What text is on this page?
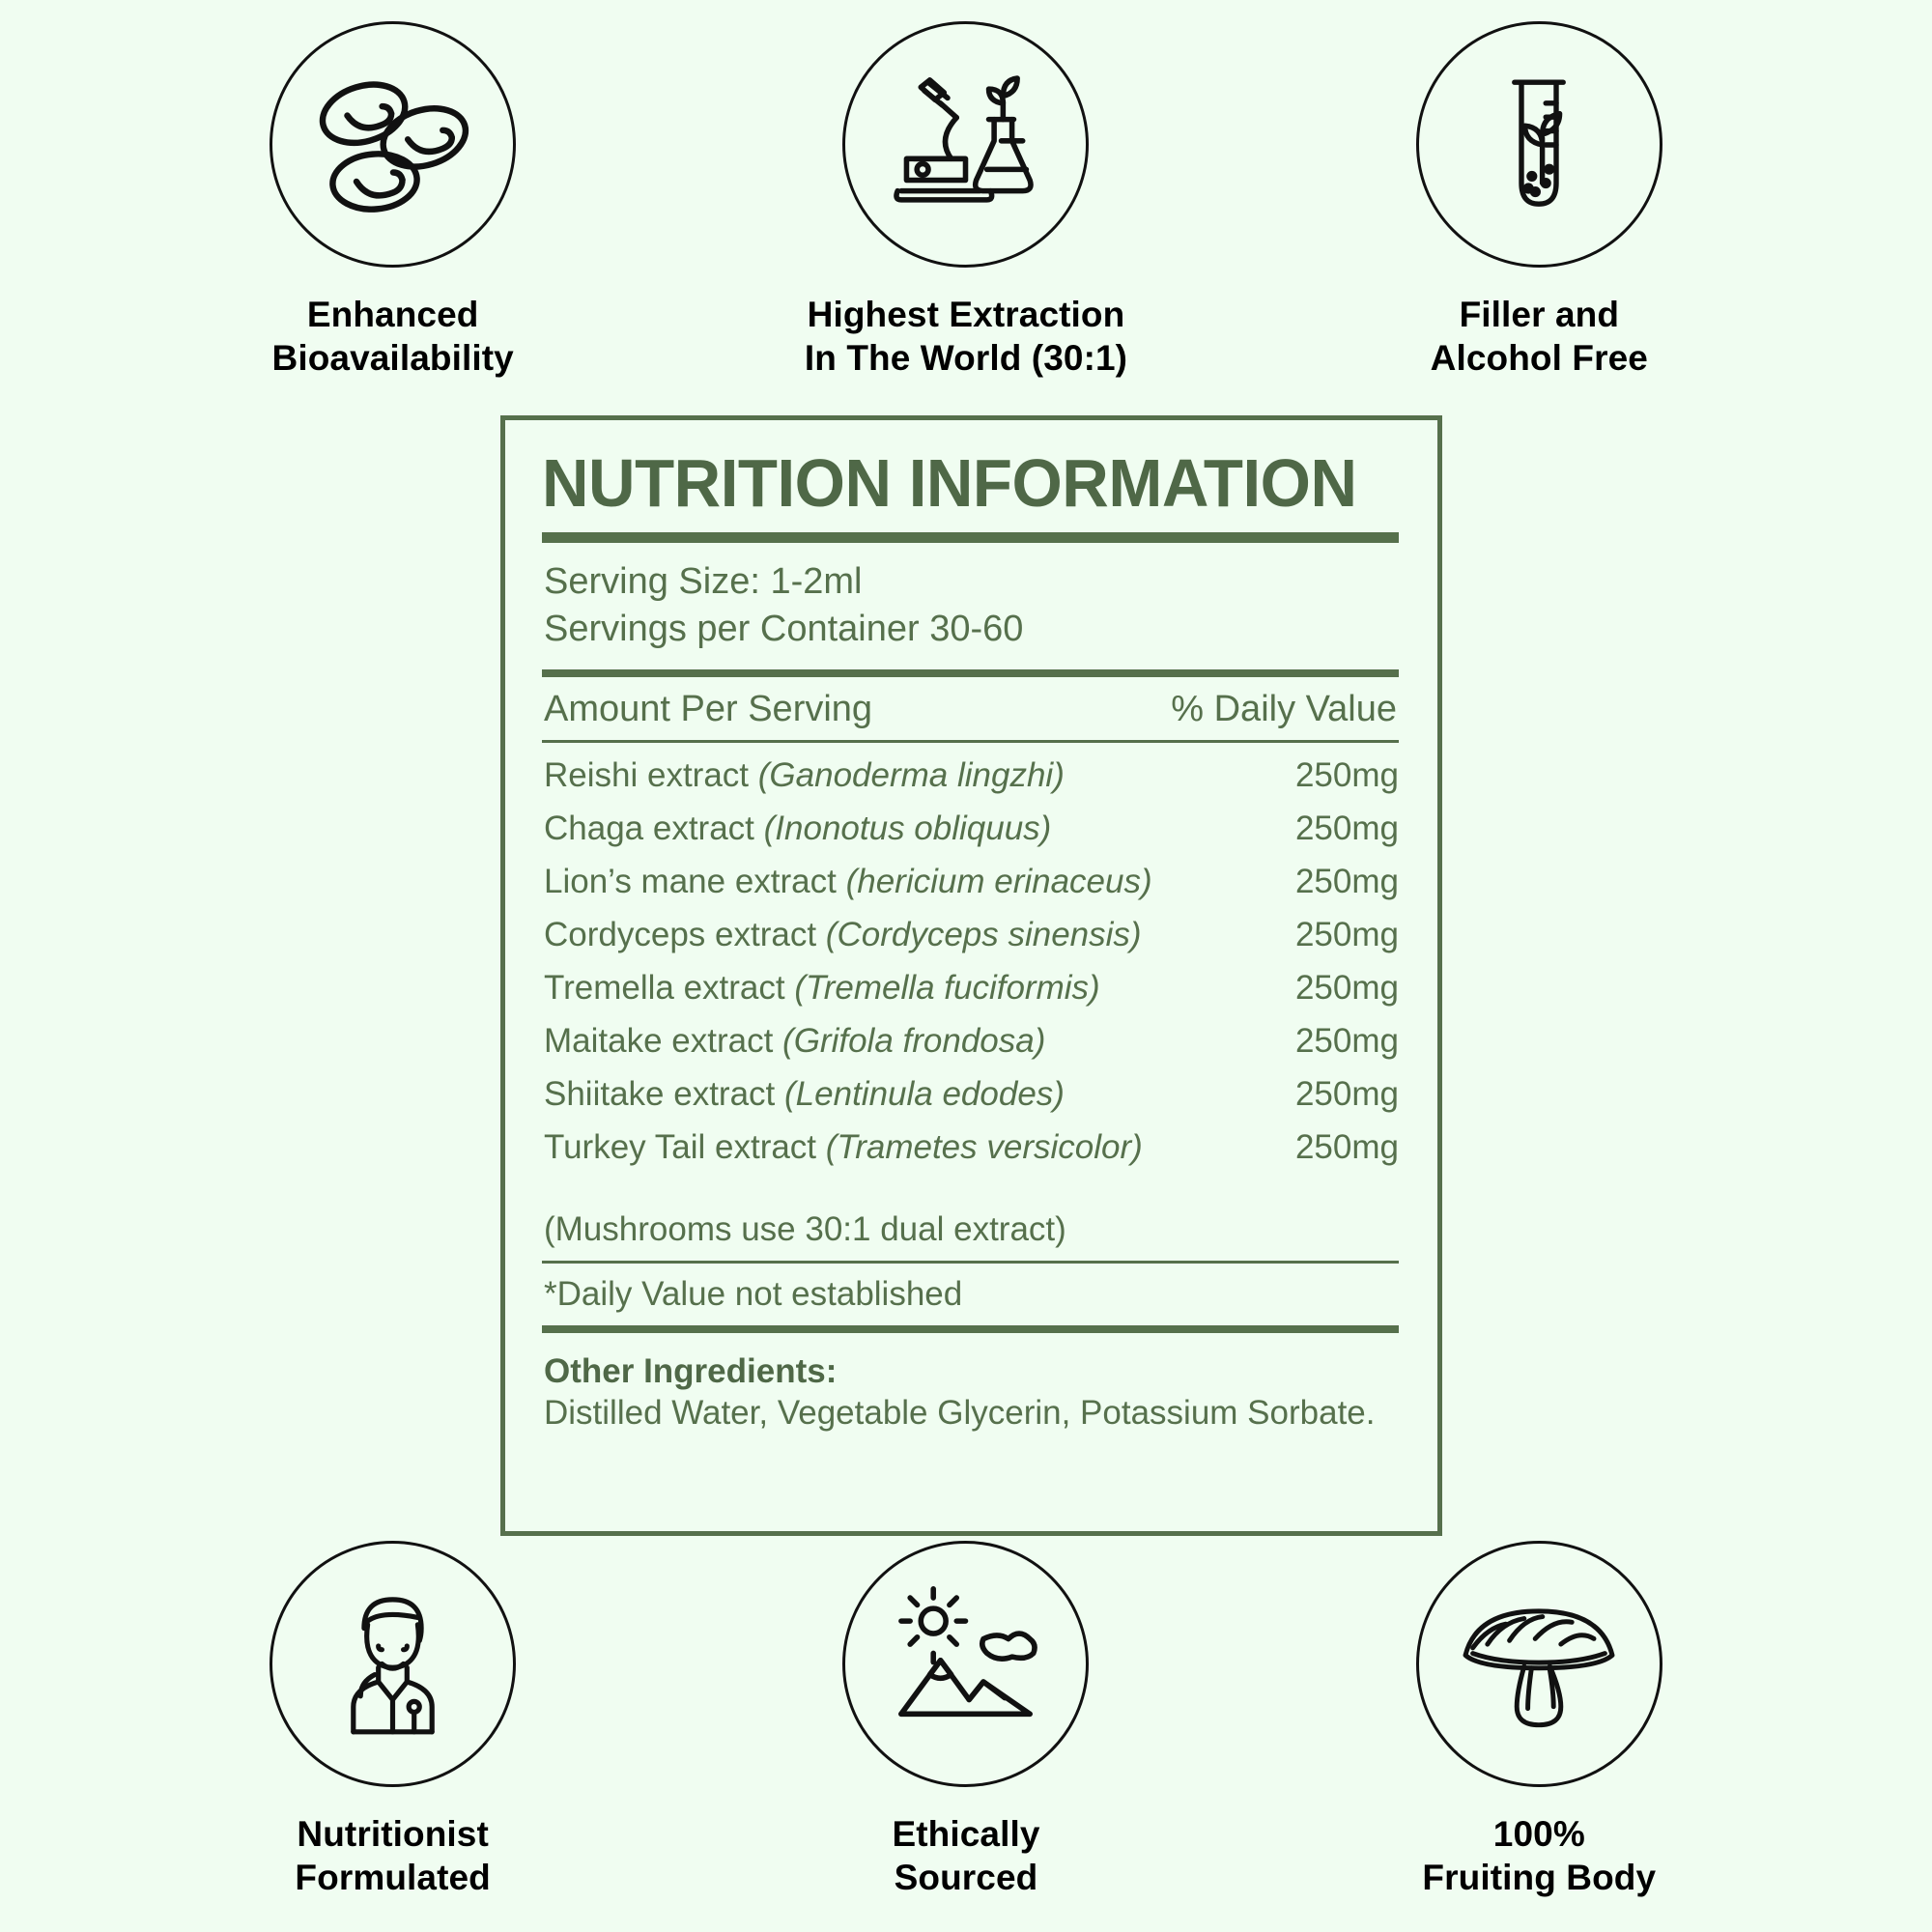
Enhanced
Bioavailability
Highest Extraction
In The World (30:1)
Filler and
Alcohol Free
NUTRITION INFORMATION
Serving Size: 1-2ml
Servings per Container 30-60
Amount Per Serving	% Daily Value
Reishi extract (Ganoderma lingzhi)	250mg
Chaga extract (Inonotus obliquus)	250mg
Lion’s mane extract (hericium erinaceus)	250mg
Cordyceps extract (Cordyceps sinensis)	250mg
Tremella extract (Tremella fuciformis)	250mg
Maitake extract (Grifola frondosa)	250mg
Shiitake extract (Lentinula edodes)	250mg
Turkey Tail extract (Trametes versicolor)	250mg
(Mushrooms use 30:1 dual extract)
*Daily Value not established
Other Ingredients:
Distilled Water, Vegetable Glycerin, Potassium Sorbate.
Nutritionist
Formulated
Ethically
Sourced
100%
Fruiting Body
